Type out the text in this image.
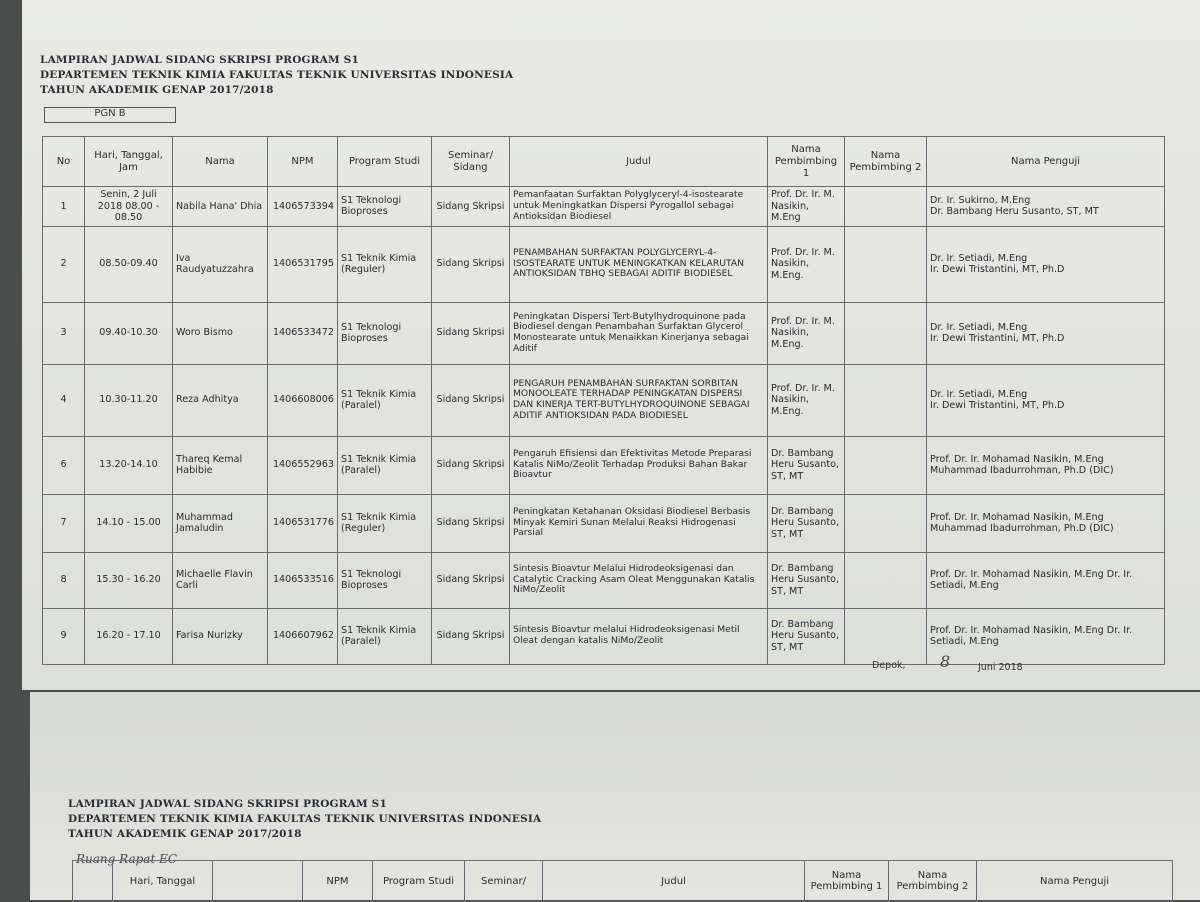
LAMPIRAN JADWAL SIDANG SKRIPSI PROGRAM S1
DEPARTEMEN TEKNIK KIMIA FAKULTAS TEKNIK UNIVERSITAS INDONESIA
TAHUN AKADEMIK GENAP 2017/2018
PGN B
No	Hari, Tanggal, Jam	Nama	NPM	Program Studi	Seminar/ Sidang	Judul	Nama Pembimbing 1	Nama Pembimbing 2	Nama Penguji
1	Senin, 2 Juli 2018 08.00 - 08.50	Nabila Hana' Dhia	1406573394	S1 Teknologi Bioproses	Sidang Skripsi	Pemanfaatan Surfaktan Polyglyceryl-4-isostearate untuk Meningkatkan Dispersi Pyrogallol sebagai Antioksidan Biodiesel	Prof. Dr. Ir. M. Nasikin, M.Eng		Dr. Ir. Sukirno, M.Eng
Dr. Bambang Heru Susanto, ST, MT
2	08.50-09.40	Iva Raudyatuzzahra	1406531795	S1 Teknik Kimia (Reguler)	Sidang Skripsi	PENAMBAHAN SURFAKTAN POLYGLYCERYL-4-ISOSTEARATE UNTUK MENINGKATKAN KELARUTAN ANTIOKSIDAN TBHQ SEBAGAI ADITIF BIODIESEL	Prof. Dr. Ir. M. Nasikin, M.Eng.		Dr. Ir. Setiadi, M.Eng
Ir. Dewi Tristantini, MT, Ph.D
3	09.40-10.30	Woro Bismo	1406533472	S1 Teknologi Bioproses	Sidang Skripsi	Peningkatan Dispersi Tert-Butylhydroquinone pada Biodiesel dengan Penambahan Surfaktan Glycerol Monostearate untuk Menaikkan Kinerjanya sebagai Aditif	Prof. Dr. Ir. M. Nasikin, M.Eng.		Dr. Ir. Setiadi, M.Eng
Ir. Dewi Tristantini, MT, Ph.D
4	10.30-11.20	Reza Adhitya	1406608006	S1 Teknik Kimia (Paralel)	Sidang Skripsi	PENGARUH PENAMBAHAN SURFAKTAN SORBITAN MONOOLEATE TERHADAP PENINGKATAN DISPERSI DAN KINERJA TERT-BUTYLHYDROQUINONE SEBAGAI ADITIF ANTIOKSIDAN PADA BIODIESEL	Prof. Dr. Ir. M. Nasikin, M.Eng.		Dr. Ir. Setiadi, M.Eng
Ir. Dewi Tristantini, MT, Ph.D
6	13.20-14.10	Thareq Kemal Habibie	1406552963	S1 Teknik Kimia (Paralel)	Sidang Skripsi	Pengaruh Efisiensi dan Efektivitas Metode Preparasi Katalis NiMo/Zeolit Terhadap Produksi Bahan Bakar Bioavtur	Dr. Bambang Heru Susanto, ST, MT		Prof. Dr. Ir. Mohamad Nasikin, M.Eng
Muhammad Ibadurrohman, Ph.D (DIC)
7	14.10 - 15.00	Muhammad Jamaludin	1406531776	S1 Teknik Kimia (Reguler)	Sidang Skripsi	Peningkatan Ketahanan Oksidasi Biodiesel Berbasis Minyak Kemiri Sunan Melalui Reaksi Hidrogenasi Parsial	Dr. Bambang Heru Susanto, ST, MT		Prof. Dr. Ir. Mohamad Nasikin, M.Eng
Muhammad Ibadurrohman, Ph.D (DIC)
8	15.30 - 16.20	Michaelle Flavin Carli	1406533516	S1 Teknologi Bioproses	Sidang Skripsi	Sintesis Bioavtur Melalui Hidrodeoksigenasi dan Catalytic Cracking Asam Oleat Menggunakan Katalis NiMo/Zeolit	Dr. Bambang Heru Susanto, ST, MT		Prof. Dr. Ir. Mohamad Nasikin, M.Eng Dr. Ir. Setiadi, M.Eng
9	16.20 - 17.10	Farisa Nurizky	1406607962	S1 Teknik Kimia (Paralel)	Sidang Skripsi	Sintesis Bioavtur melalui Hidrodeoksigenasi Metil Oleat dengan katalis NiMo/Zeolit	Dr. Bambang Heru Susanto, ST, MT		Prof. Dr. Ir. Mohamad Nasikin, M.Eng Dr. Ir. Setiadi, M.Eng
Depok, 8	Juni 2018
LAMPIRAN JADWAL SIDANG SKRIPSI PROGRAM S1
DEPARTEMEN TEKNIK KIMIA FAKULTAS TEKNIK UNIVERSITAS INDONESIA
TAHUN AKADEMIK GENAP 2017/2018
Ruang Rapat EC
	Hari, Tanggal		NPM	Program Studi	Seminar/	Judul	Nama Pembimbing 1	Nama Pembimbing 2	Nama Penguji
